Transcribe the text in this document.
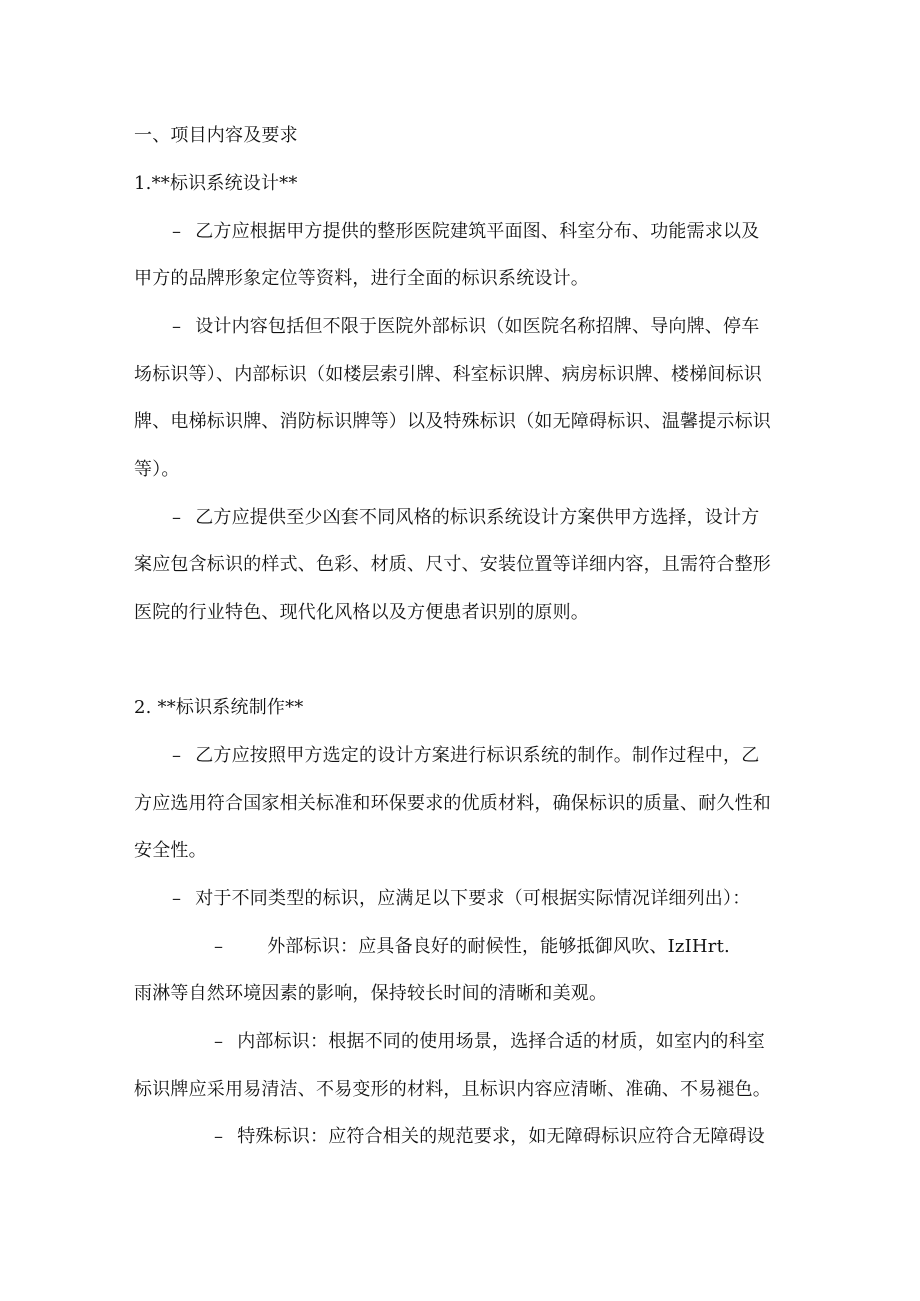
一、项目内容及要求
1.**标识系统设计**
– 乙方应根据甲方提供的整形医院建筑平面图、科室分布、功能需求以及
甲方的品牌形象定位等资料，进行全面的标识系统设计。
– 设计内容包括但不限于医院外部标识（如医院名称招牌、导向牌、停车
场标识等）、内部标识（如楼层索引牌、科室标识牌、病房标识牌、楼梯间标识
牌、电梯标识牌、消防标识牌等）以及特殊标识（如无障碍标识、温馨提示标识
等）。
– 乙方应提供至少凶套不同风格的标识系统设计方案供甲方选择，设计方
案应包含标识的样式、色彩、材质、尺寸、安装位置等详细内容，且需符合整形
医院的行业特色、现代化风格以及方便患者识别的原则。
2. **标识系统制作**
– 乙方应按照甲方选定的设计方案进行标识系统的制作。制作过程中，乙
方应选用符合国家相关标准和环保要求的优质材料，确保标识的质量、耐久性和
安全性。
– 对于不同类型的标识，应满足以下要求（可根据实际情况详细列出）：
– 外部标识：应具备良好的耐候性，能够抵御风吹、IzIHrt.
雨淋等自然环境因素的影响，保持较长时间的清晰和美观。
– 内部标识：根据不同的使用场景，选择合适的材质，如室内的科室
标识牌应采用易清洁、不易变形的材料，且标识内容应清晰、准确、不易褪色。
– 特殊标识：应符合相关的规范要求，如无障碍标识应符合无障碍设
